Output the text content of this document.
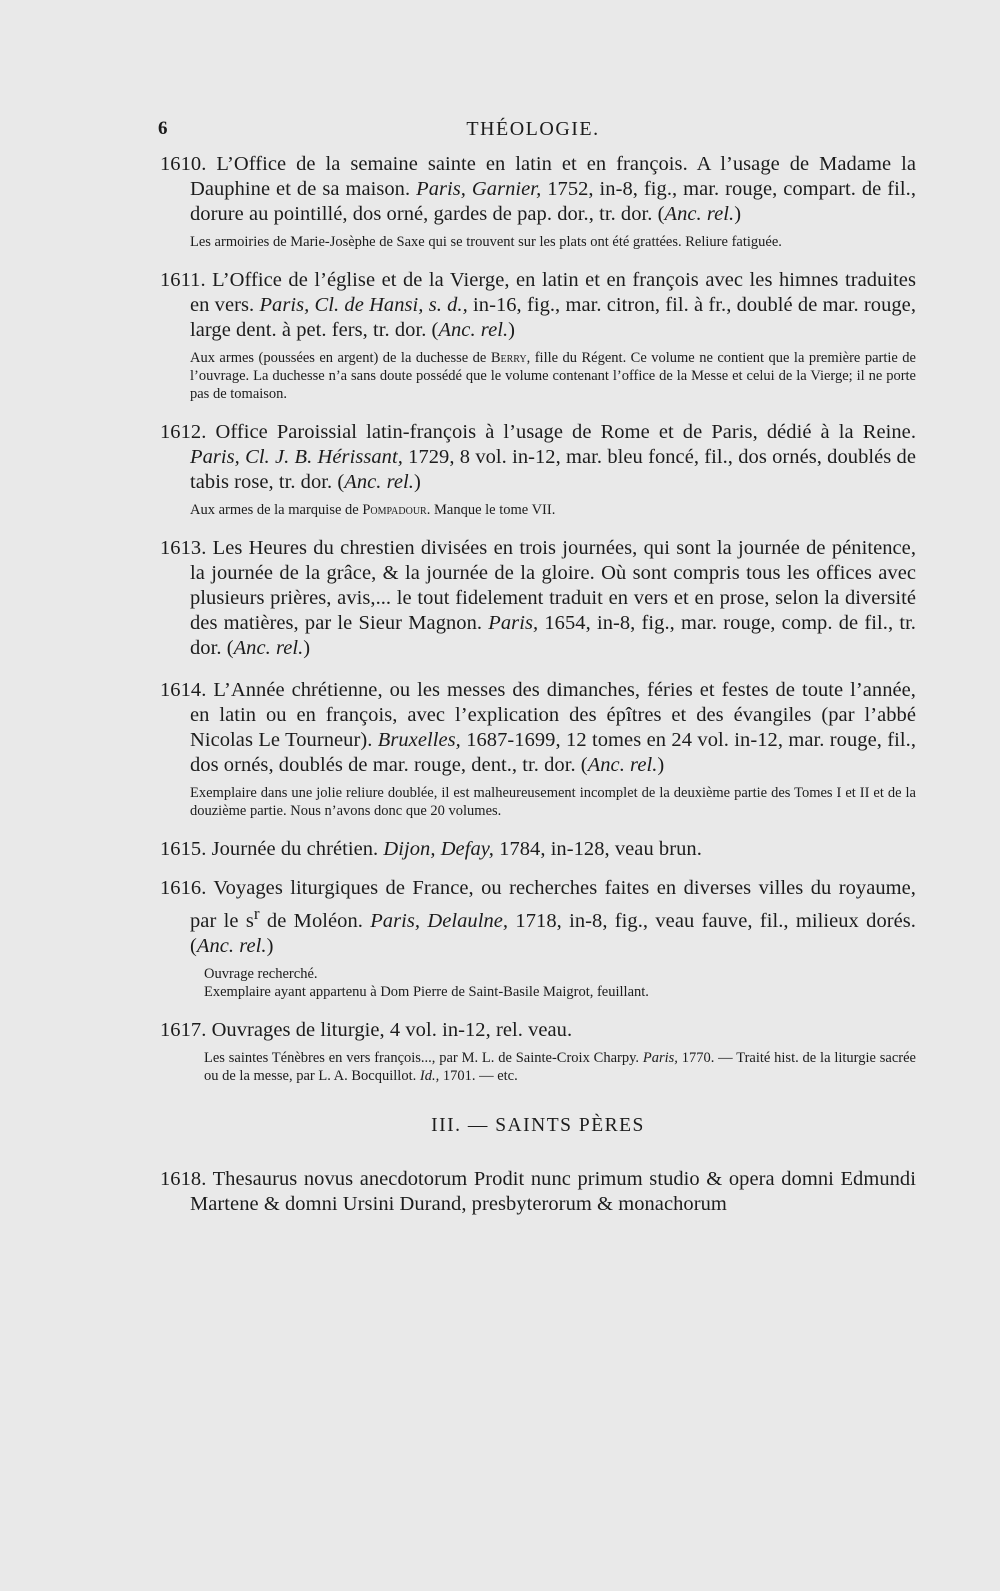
6	THÉOLOGIE.
1610. L’Office de la semaine sainte en latin et en françois. A l’usage de Madame la Dauphine et de sa maison. Paris, Garnier, 1752, in-8, fig., mar. rouge, compart. de fil., dorure au pointillé, dos orné, gardes de pap. dor., tr. dor. (Anc. rel.)
Les armoiries de Marie-Josèphe de Saxe qui se trouvent sur les plats ont été grattées. Reliure fatiguée.
1611. L’Office de l’église et de la Vierge, en latin et en françois avec les himnes traduites en vers. Paris, Cl. de Hansi, s. d., in-16, fig., mar. citron, fil. à fr., doublé de mar. rouge, large dent. à pet. fers, tr. dor. (Anc. rel.)
Aux armes (poussées en argent) de la duchesse de Berry, fille du Régent. Ce volume ne contient que la première partie de l’ouvrage. La duchesse n’a sans doute possédé que le volume contenant l’office de la Messe et celui de la Vierge; il ne porte pas de tomaison.
1612. Office Paroissial latin-françois à l’usage de Rome et de Paris, dédié à la Reine. Paris, Cl. J. B. Hérissant, 1729, 8 vol. in-12, mar. bleu foncé, fil., dos ornés, doublés de tabis rose, tr. dor. (Anc. rel.)
Aux armes de la marquise de Pompadour. Manque le tome VII.
1613. Les Heures du chrestien divisées en trois journées, qui sont la journée de pénitence, la journée de la grâce, & la journée de la gloire. Où sont compris tous les offices avec plusieurs prières, avis,... le tout fidelement traduit en vers et en prose, selon la diversité des matières, par le Sieur Magnon. Paris, 1654, in-8, fig., mar. rouge, comp. de fil., tr. dor. (Anc. rel.)
1614. L’Année chrétienne, ou les messes des dimanches, féries et festes de toute l’année, en latin ou en françois, avec l’explication des épîtres et des évangiles (par l’abbé Nicolas Le Tourneur). Bruxelles, 1687-1699, 12 tomes en 24 vol. in-12, mar. rouge, fil., dos ornés, doublés de mar. rouge, dent., tr. dor. (Anc. rel.)
Exemplaire dans une jolie reliure doublée, il est malheureusement incomplet de la deuxième partie des Tomes I et II et de la douzième partie. Nous n’avons donc que 20 volumes.
1615. Journée du chrétien. Dijon, Defay, 1784, in-128, veau brun.
1616. Voyages liturgiques de France, ou recherches faites en diverses villes du royaume, par le $s^r$ de Moléon. Paris, Delaulne, 1718, in-8, fig., veau fauve, fil., milieux dorés. (Anc. rel.)
Ouvrage recherché.
Exemplaire ayant appartenu à Dom Pierre de Saint-Basile Maigrot, feuillant.
1617. Ouvrages de liturgie, 4 vol. in-12, rel. veau.
Les saintes Ténèbres en vers françois..., par M. L. de Sainte-Croix Charpy. Paris, 1770. — Traité hist. de la liturgie sacrée ou de la messe, par L. A. Bocquillot. Id., 1701. — etc.
III. — SAINTS PÈRES
1618. Thesaurus novus anecdotorum Prodit nunc primum studio & opera domni Edmundi Martene & domni Ursini Durand, presbyterorum & monachorum
